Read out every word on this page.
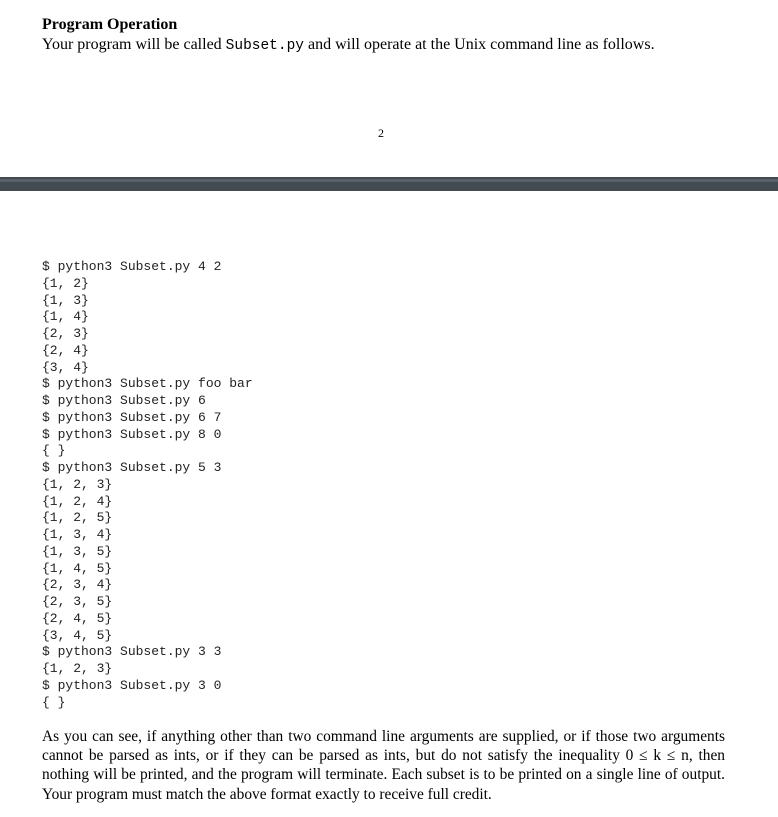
Program Operation

Your program will be called Subset.py and will operate at the Unix command line as follows.

2
$ python3 Subset.py 4 2
{1, 2}
{1, 3}
{1, 4}
{2, 3}
{2, 4}
{3, 4}
$ python3 Subset.py foo bar
$ python3 Subset.py 6
$ python3 Subset.py 6 7
$ python3 Subset.py 8 0
{ }
$ python3 Subset.py 5 3
{1, 2, 3}
{1, 2, 4}
{1, 2, 5}
{1, 3, 4}
{1, 3, 5}
{1, 4, 5}
{2, 3, 4}
{2, 3, 5}
{2, 4, 5}
{3, 4, 5}
$ python3 Subset.py 3 3
{1, 2, 3}
$ python3 Subset.py 3 0
{ }

As you can see, if anything other than two command line arguments are supplied, or if those two arguments cannot be parsed as ints, or if they can be parsed as ints, but do not satisfy the inequality 0 ≤ k ≤ n, then nothing will be printed, and the program will terminate. Each subset is to be printed on a single line of output. Your program must match the above format exactly to receive full credit.
